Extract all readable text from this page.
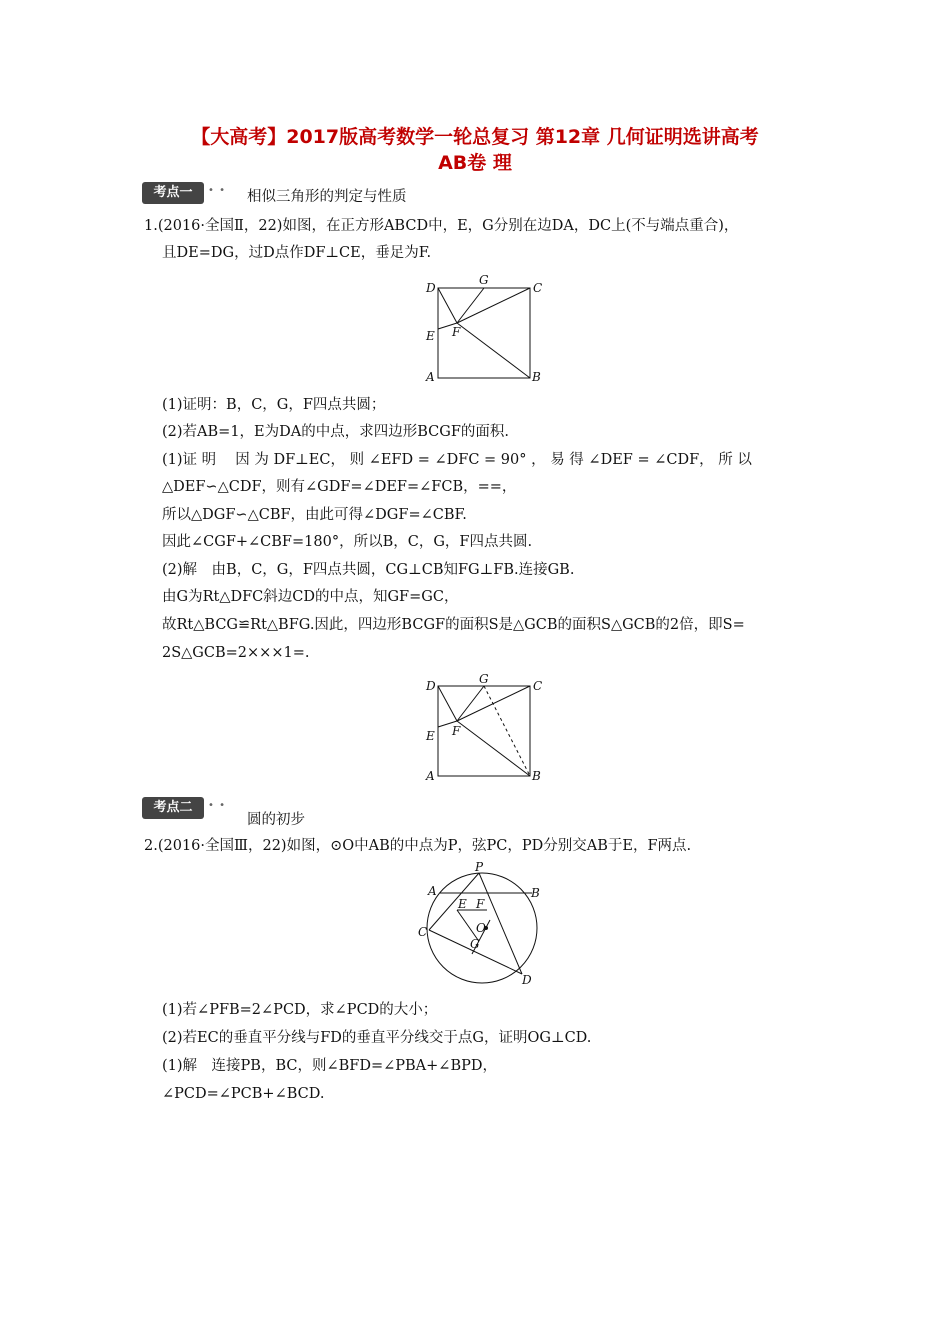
【大高考】2017版高考数学一轮总复习 第12章 几何证明选讲高考
AB卷 理
考点一	• • 相似三角形的判定与性质
1.(2016·全国Ⅱ，22)如图，在正方形ABCD中，E，G分别在边DA，DC上(不与端点重合)，
且DE=DG，过D点作DF⊥CE，垂足为F.
D
G
C
E F
A	B
(1)证明：B，C，G，F四点共圆；
(2)若AB=1，E为DA的中点，求四边形BCGF的面积.
(1)证 明　 因 为 DF⊥EC， 则 ∠EFD = ∠DFC = 90° ， 易 得 ∠DEF = ∠CDF， 所 以
△DEF∽△CDF，则有∠GDF=∠DEF=∠FCB，==，
所以△DGF∽△CBF，由此可得∠DGF=∠CBF.
因此∠CGF+∠CBF=180°，所以B，C，G，F四点共圆.
(2)解　由B，C，G，F四点共圆，CG⊥CB知FG⊥FB.连接GB.
由G为Rt△DFC斜边CD的中点，知GF=GC，
故Rt△BCG≌Rt△BFG.因此，四边形BCGF的面积S是△GCB的面积S△GCB的2倍，即S=
2S△GCB=2×××1=.
D	G	C
E F
A	B
考点二	• •
圆的初步
2.(2016·全国Ⅲ，22)如图，⊙O中AB的中点为P，弦PC，PD分别交AB于E，F两点.
P
A	B
E F
O
C
G
D
(1)若∠PFB=2∠PCD，求∠PCD的大小；
(2)若EC的垂直平分线与FD的垂直平分线交于点G，证明OG⊥CD.
(1)解　连接PB，BC，则∠BFD=∠PBA+∠BPD，
∠PCD=∠PCB+∠BCD.
